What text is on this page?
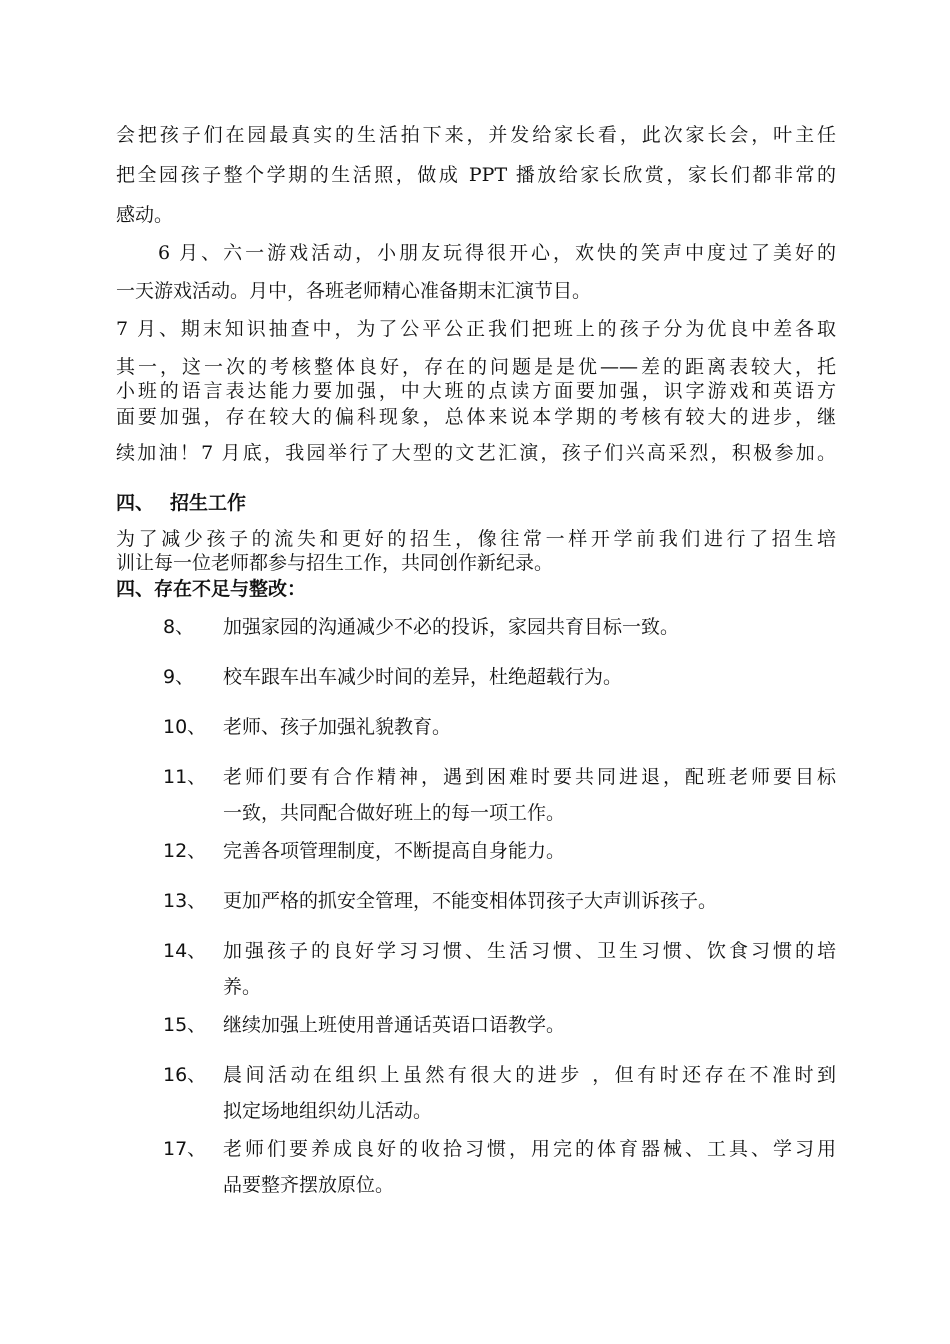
会把孩子们在园最真实的生活拍下来，并发给家长看，此次家长会，叶主任
把全园孩子整个学期的生活照，做成 PPT 播放给家长欣赏，家长们都非常的
感动。
6 月、六一游戏活动，小朋友玩得很开心，欢快的笑声中度过了美好的
一天游戏活动。月中，各班老师精心准备期末汇演节目。
7 月、期末知识抽查中，为了公平公正我们把班上的孩子分为优良中差各取
其一，这一次的考核整体良好，存在的问题是是优——差的距离表较大，托
小班的语言表达能力要加强，中大班的点读方面要加强，识字游戏和英语方
面要加强，存在较大的偏科现象，总体来说本学期的考核有较大的进步，继
续加油！7 月底，我园举行了大型的文艺汇演，孩子们兴高采烈，积极参加。
四、 招生工作
为了减少孩子的流失和更好的招生，像往常一样开学前我们进行了招生培
训让每一位老师都参与招生工作，共同创作新纪录。
四、存在不足与整改：
8、 加强家园的沟通减少不必的投诉，家园共育目标一致。
9、 校车跟车出车减少时间的差异，杜绝超载行为。
10、 老师、孩子加强礼貌教育。
11、 老师们要有合作精神，遇到困难时要共同进退，配班老师要目标
一致，共同配合做好班上的每一项工作。
12、 完善各项管理制度，不断提高自身能力。
13、 更加严格的抓安全管理，不能变相体罚孩子大声训诉孩子。
14、 加强孩子的良好学习习惯、生活习惯、卫生习惯、饮食习惯的培
养。
15、 继续加强上班使用普通话英语口语教学。
16、 晨间活动在组织上虽然有很大的进步 ，但有时还存在不准时到
拟定场地组织幼儿活动。
17、 老师们要养成良好的收拾习惯，用完的体育器械、工具、学习用
品要整齐摆放原位。
